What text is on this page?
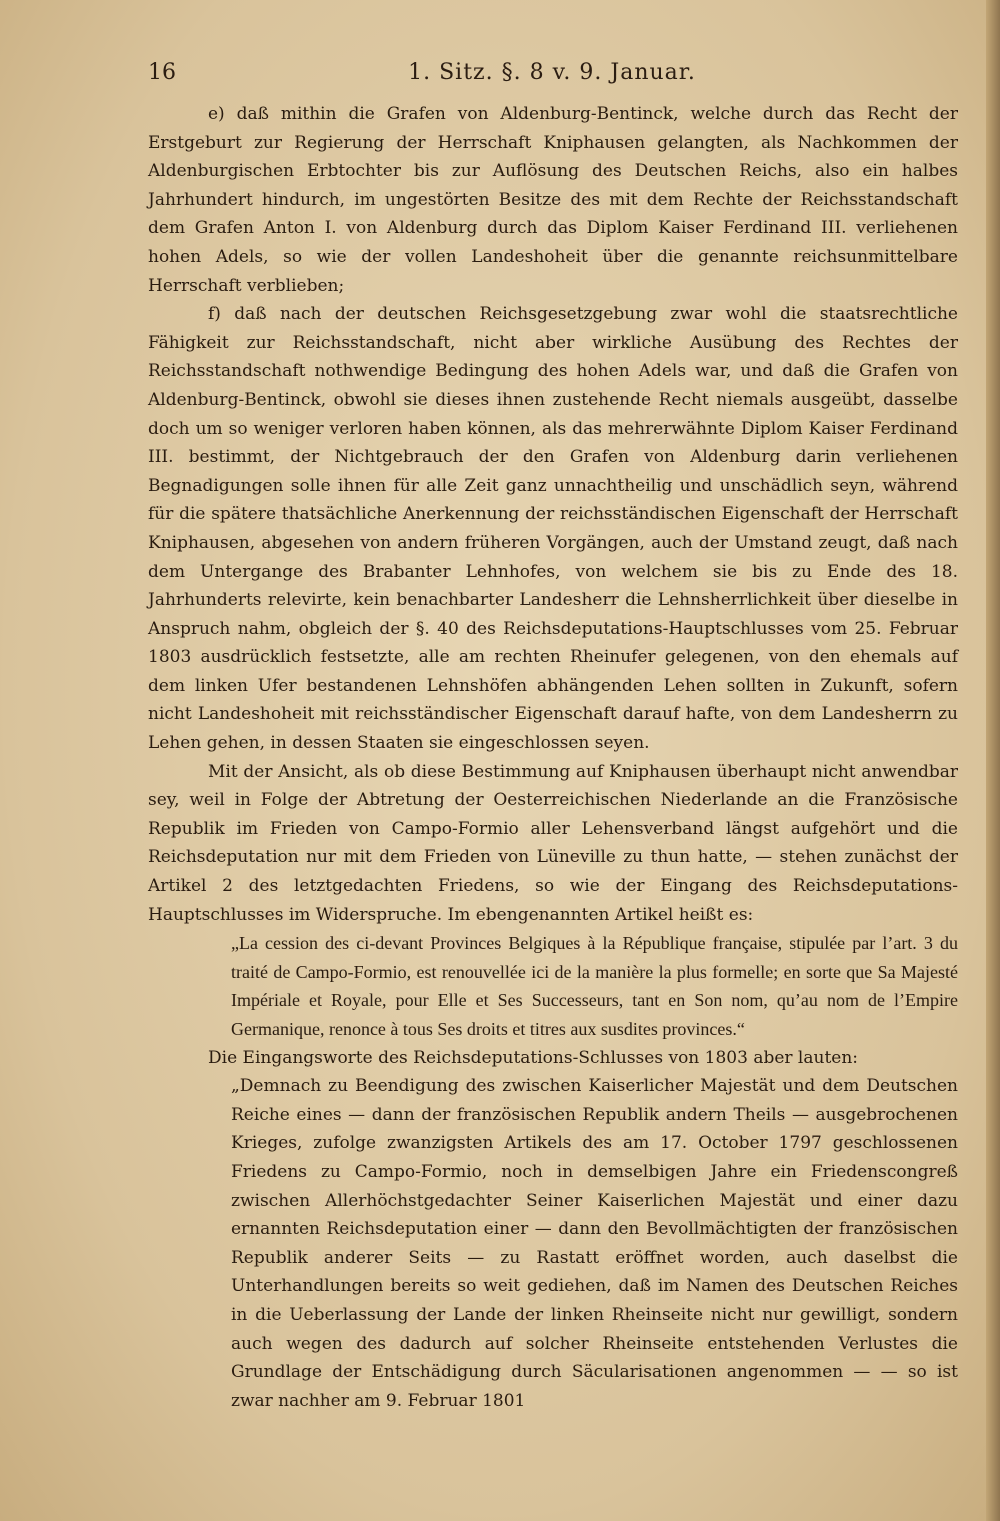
16	1. Sitz. §. 8 v. 9. Januar.

e) daß mithin die Grafen von Aldenburg-Bentinck, welche durch das Recht der Erstgeburt zur Regierung der Herrschaft Kniphausen gelangten, als Nachkommen der Aldenburgischen Erbtochter bis zur Auflösung des Deutschen Reichs, also ein halbes Jahrhundert hindurch, im ungestörten Besitze des mit dem Rechte der Reichsstandschaft dem Grafen Anton I. von Aldenburg durch das Diplom Kaiser Ferdinand III. verliehenen hohen Adels, so wie der vollen Landeshoheit über die genannte reichsunmittelbare Herrschaft verblieben;

f) daß nach der deutschen Reichsgesetzgebung zwar wohl die staatsrechtliche Fähigkeit zur Reichsstandschaft, nicht aber wirkliche Ausübung des Rechtes der Reichsstandschaft nothwendige Bedingung des hohen Adels war, und daß die Grafen von Aldenburg-Bentinck, obwohl sie dieses ihnen zustehende Recht niemals ausgeübt, dasselbe doch um so weniger verloren haben können, als das mehrerwähnte Diplom Kaiser Ferdinand III. bestimmt, der Nichtgebrauch der den Grafen von Aldenburg darin verliehenen Begnadigungen solle ihnen für alle Zeit ganz unnachtheilig und unschädlich seyn, während für die spätere thatsächliche Anerkennung der reichsständischen Eigenschaft der Herrschaft Kniphausen, abgesehen von andern früheren Vorgängen, auch der Umstand zeugt, daß nach dem Untergange des Brabanter Lehnhofes, von welchem sie bis zu Ende des 18. Jahrhunderts relevirte, kein benachbarter Landesherr die Lehnsherrlichkeit über dieselbe in Anspruch nahm, obgleich der §. 40 des Reichsdeputations-Hauptschlusses vom 25. Februar 1803 ausdrücklich festsetzte, alle am rechten Rheinufer gelegenen, von den ehemals auf dem linken Ufer bestandenen Lehnshöfen abhängenden Lehen sollten in Zukunft, sofern nicht Landeshoheit mit reichsständischer Eigenschaft darauf hafte, von dem Landesherrn zu Lehen gehen, in dessen Staaten sie eingeschlossen seyen.

Mit der Ansicht, als ob diese Bestimmung auf Kniphausen überhaupt nicht anwendbar sey, weil in Folge der Abtretung der Oesterreichischen Niederlande an die Französische Republik im Frieden von Campo-Formio aller Lehensverband längst aufgehört und die Reichsdeputation nur mit dem Frieden von Lüneville zu thun hatte, — stehen zunächst der Artikel 2 des letztgedachten Friedens, so wie der Eingang des Reichsdeputations-Hauptschlusses im Widerspruche. Im ebengenannten Artikel heißt es:

„La cession des ci-devant Provinces Belgiques à la République française, stipulée par l’art. 3 du traité de Campo-Formio, est renouvellée ici de la manière la plus formelle; en sorte que Sa Majesté Impériale et Royale, pour Elle et Ses Successeurs, tant en Son nom, qu’au nom de l’Empire Germanique, renonce à tous Ses droits et titres aux susdites provinces.“

Die Eingangsworte des Reichsdeputations-Schlusses von 1803 aber lauten:

„Demnach zu Beendigung des zwischen Kaiserlicher Majestät und dem Deutschen Reiche eines — dann der französischen Republik andern Theils — ausgebrochenen Krieges, zufolge zwanzigsten Artikels des am 17. October 1797 geschlossenen Friedens zu Campo-Formio, noch in demselbigen Jahre ein Friedenscongreß zwischen Allerhöchstgedachter Seiner Kaiserlichen Majestät und einer dazu ernannten Reichsdeputation einer — dann den Bevollmächtigten der französischen Republik anderer Seits — zu Rastatt eröffnet worden, auch daselbst die Unterhandlungen bereits so weit gediehen, daß im Namen des Deutschen Reiches in die Ueberlassung der Lande der linken Rheinseite nicht nur gewilligt, sondern auch wegen des dadurch auf solcher Rheinseite entstehenden Verlustes die Grundlage der Entschädigung durch Säcularisationen angenommen — — so ist zwar nachher am 9. Februar 1801
